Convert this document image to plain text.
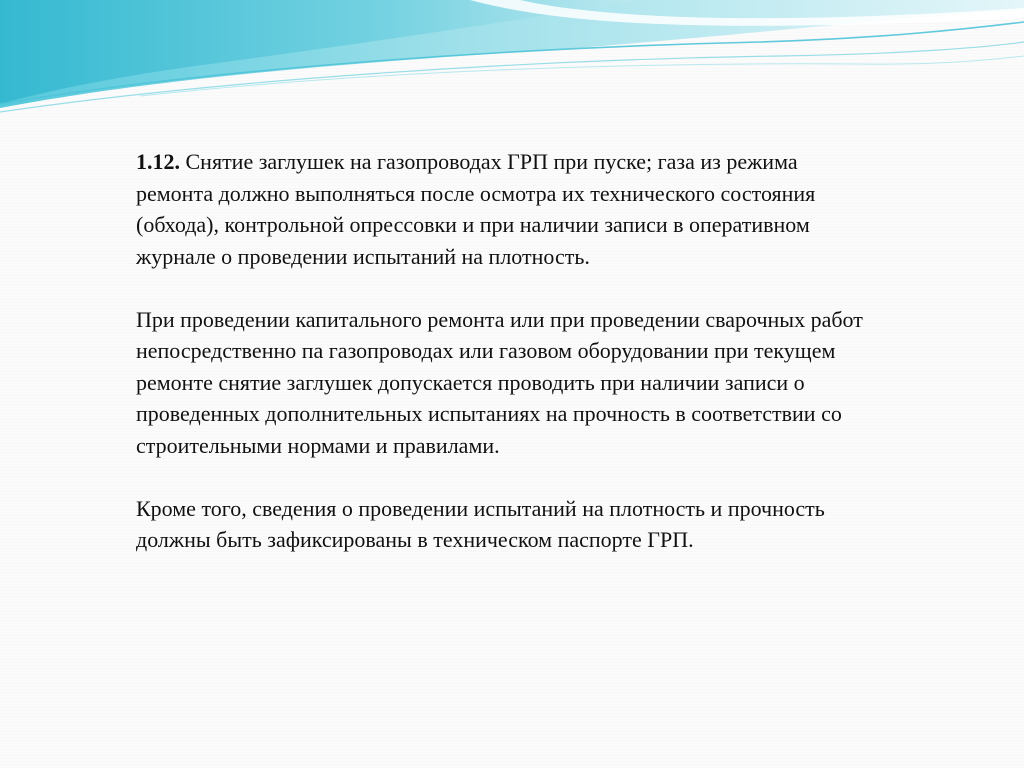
1.12. Снятие заглушек на газопроводах ГРП при пуске; газа из режима ремонта должно выполняться после осмотра их технического состояния (обхода), контрольной опрессовки и при наличии записи в оперативном журнале о проведении испытаний на плотность.

При проведении капитального ремонта или при проведении сварочных работ непосредственно па газопроводах или газовом оборудовании при текущем ремонте снятие заглушек допускается проводить при наличии записи о проведенных дополнительных испытаниях на прочность в соответствии со строительными нормами и правилами.

Кроме того, сведения о проведении испытаний на плотность и прочность должны быть зафиксированы в техническом паспорте ГРП.
